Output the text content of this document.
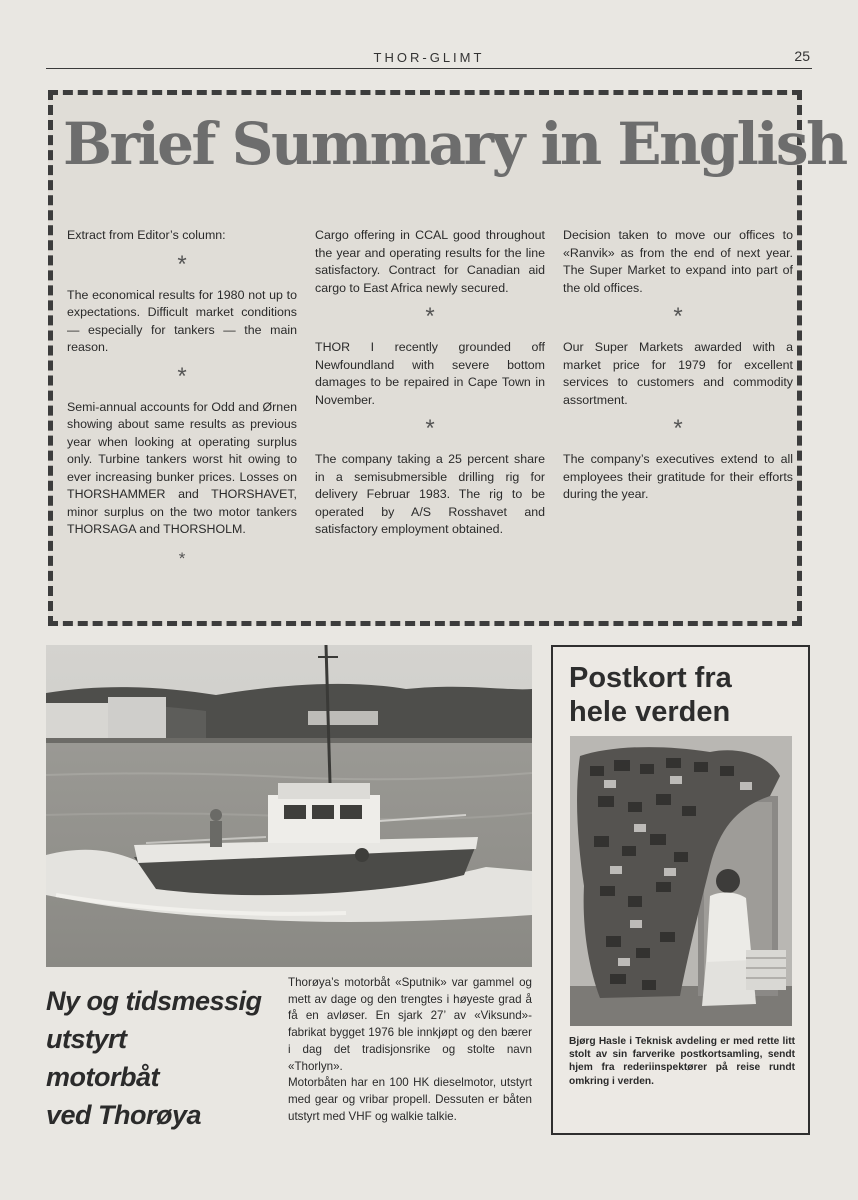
THOR-GLIMT	25
Brief Summary in English

Extract from Editor’s column:

*

The economical results for 1980 not up to expectations. Difficult market conditions — especially for tankers — the main reason.

*

Semi-annual accounts for Odd and Ørnen showing about same results as previous year when looking at operating surplus only. Turbine tankers worst hit owing to ever increasing bunker prices. Losses on THORSHAMMER and THORSHAVET, minor surplus on the two motor tankers THORSAGA and THORSHOLM.

*

Cargo offering in CCAL good throughout the year and operating results for the line satisfactory. Contract for Canadian aid cargo to East Africa newly secured.

*

THOR I recently grounded off Newfoundland with severe bottom damages to be repaired in Cape Town in November.

*

The company taking a 25 percent share in a semisubmersible drilling rig for delivery Februar 1983. The rig to be operated by A/S Rosshavet and satisfactory employment obtained.

Decision taken to move our offices to «Ranvik» as from the end of next year. The Super Market to expand into part of the old offices.

*

Our Super Markets awarded with a market price for 1979 for excellent services to customers and commodity assortment.

*

The company’s executives extend to all employees their gratitude for their efforts during the year.

Ny og tidsmessig
utstyrt
motorbåt
ved Thorøya

Thorøya’s motorbåt «Sputnik» var gammel og mett av dage og den trengtes i høyeste grad å få en avløser. En sjark 27’ av «Viksund»-fabrikat bygget 1976 ble innkjøpt og den bærer i dag det tradisjonsrike og stolte navn «Thorlyn».

Motorbåten har en 100 HK dieselmotor, utstyrt med gear og vribar propell. Dessuten er båten utstyrt med VHF og walkie talkie.

Postkort fra
hele verden
Bjørg Hasle i Teknisk avdeling er med rette litt stolt av sin farverike postkortsamling, sendt hjem fra rederiinspektører på reise rundt omkring i verden.
